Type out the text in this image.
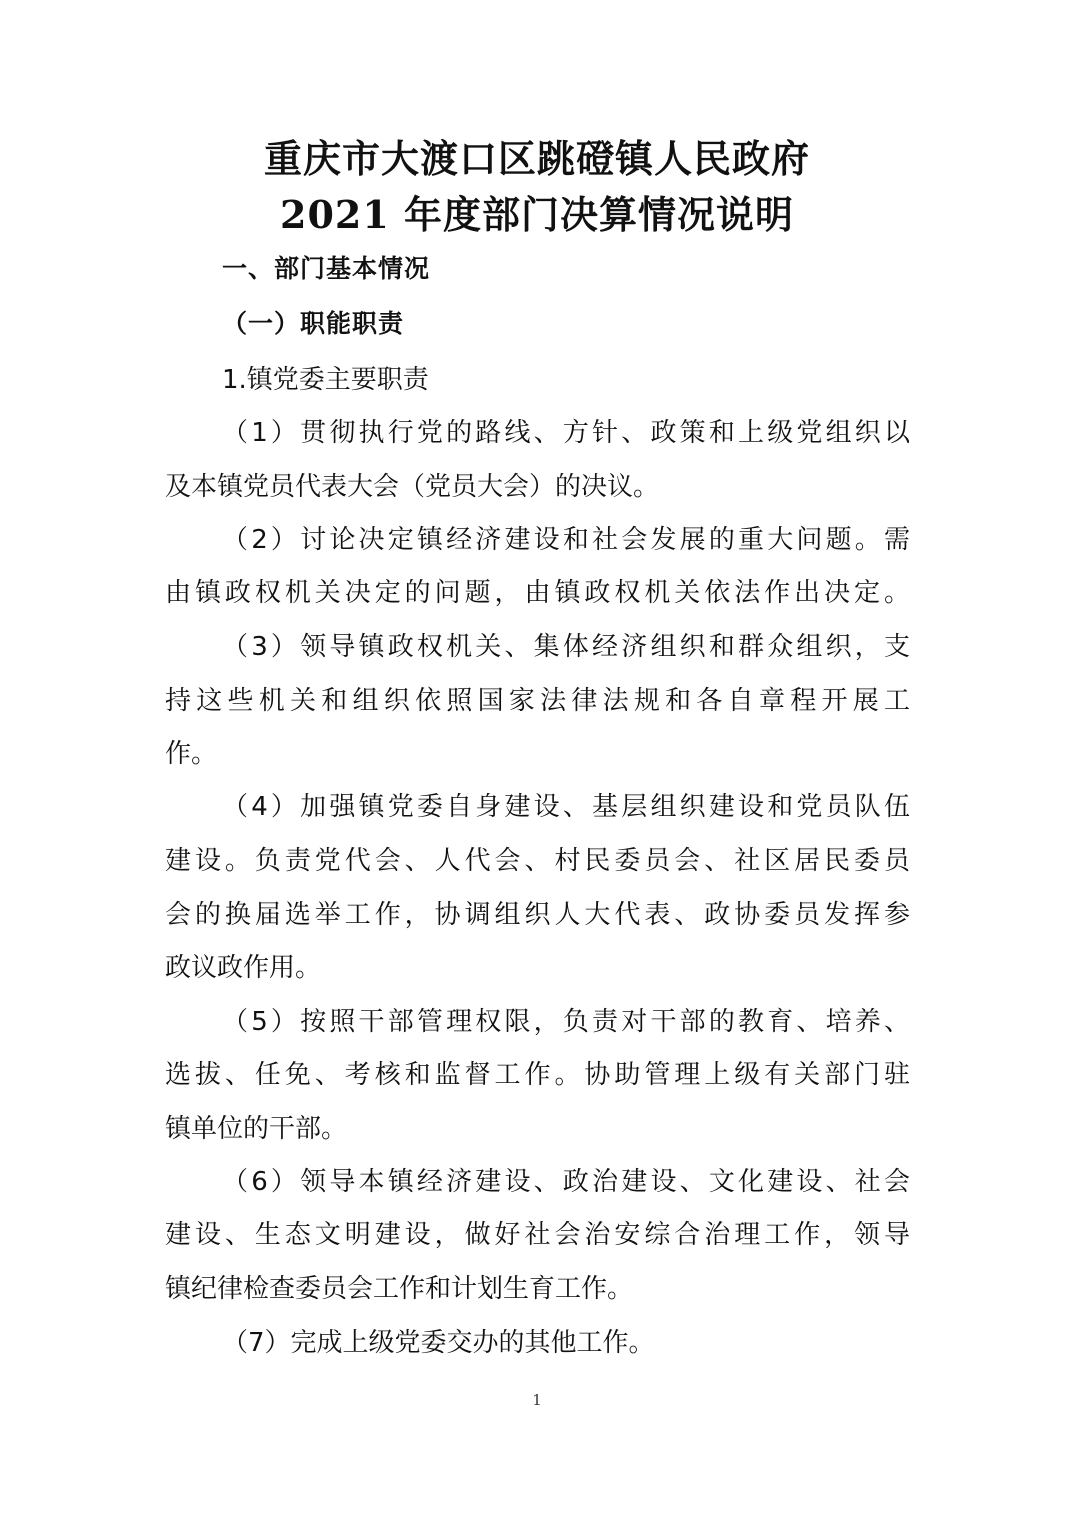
重庆市大渡口区跳磴镇人民政府
2021 年度部门决算情况说明
一、部门基本情况
（一）职能职责
1.镇党委主要职责
（1）贯彻执行党的路线、方针、政策和上级党组织以
及本镇党员代表大会（党员大会）的决议。
（2）讨论决定镇经济建设和社会发展的重大问题。需
由镇政权机关决定的问题，由镇政权机关依法作出决定。
（3）领导镇政权机关、集体经济组织和群众组织，支
持这些机关和组织依照国家法律法规和各自章程开展工
作。
（4）加强镇党委自身建设、基层组织建设和党员队伍
建设。负责党代会、人代会、村民委员会、社区居民委员
会的换届选举工作，协调组织人大代表、政协委员发挥参
政议政作用。
（5）按照干部管理权限，负责对干部的教育、培养、
选拔、任免、考核和监督工作。协助管理上级有关部门驻
镇单位的干部。
（6）领导本镇经济建设、政治建设、文化建设、社会
建设、生态文明建设，做好社会治安综合治理工作，领导
镇纪律检查委员会工作和计划生育工作。
（7）完成上级党委交办的其他工作。
1
